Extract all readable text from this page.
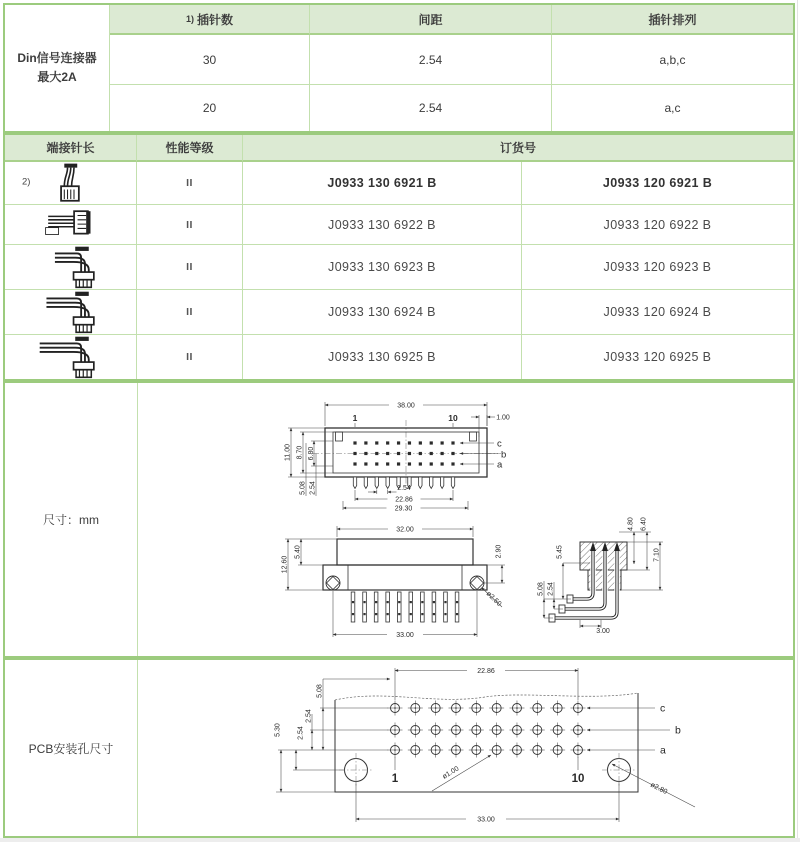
Din信号连接器
最大2A
1) 插针数	间距	插针排列
30	2.54	a,b,c
20	2.54	a,c
端接针长	性能等级	订货号
2)	II	J0933 130 6921 B	J0933 120 6921 B
II	J0933 130 6922 B	J0933 120 6922 B
II	J0933 130 6923 B	J0933 120 6923 B
II	J0933 130 6924 B	J0933 120 6924 B
II	J0933 130 6925 B	J0933 120 6925 B
尺寸：mm
38.00
1.00
1	10
c
b
a
11.00 8.70 6.80
5.08 2.54	2.54
22.86
29.30
32.00
5.40
12.60
2.90
ø2.50
33.00
4.80 6.40
7.10
5.45
2.54
5.08
3.00
PCB安装孔尺寸
22.86
5.30 2.54
2.54
5.08
c
b
a
1	10
ø1.00
ø2.80
33.00
